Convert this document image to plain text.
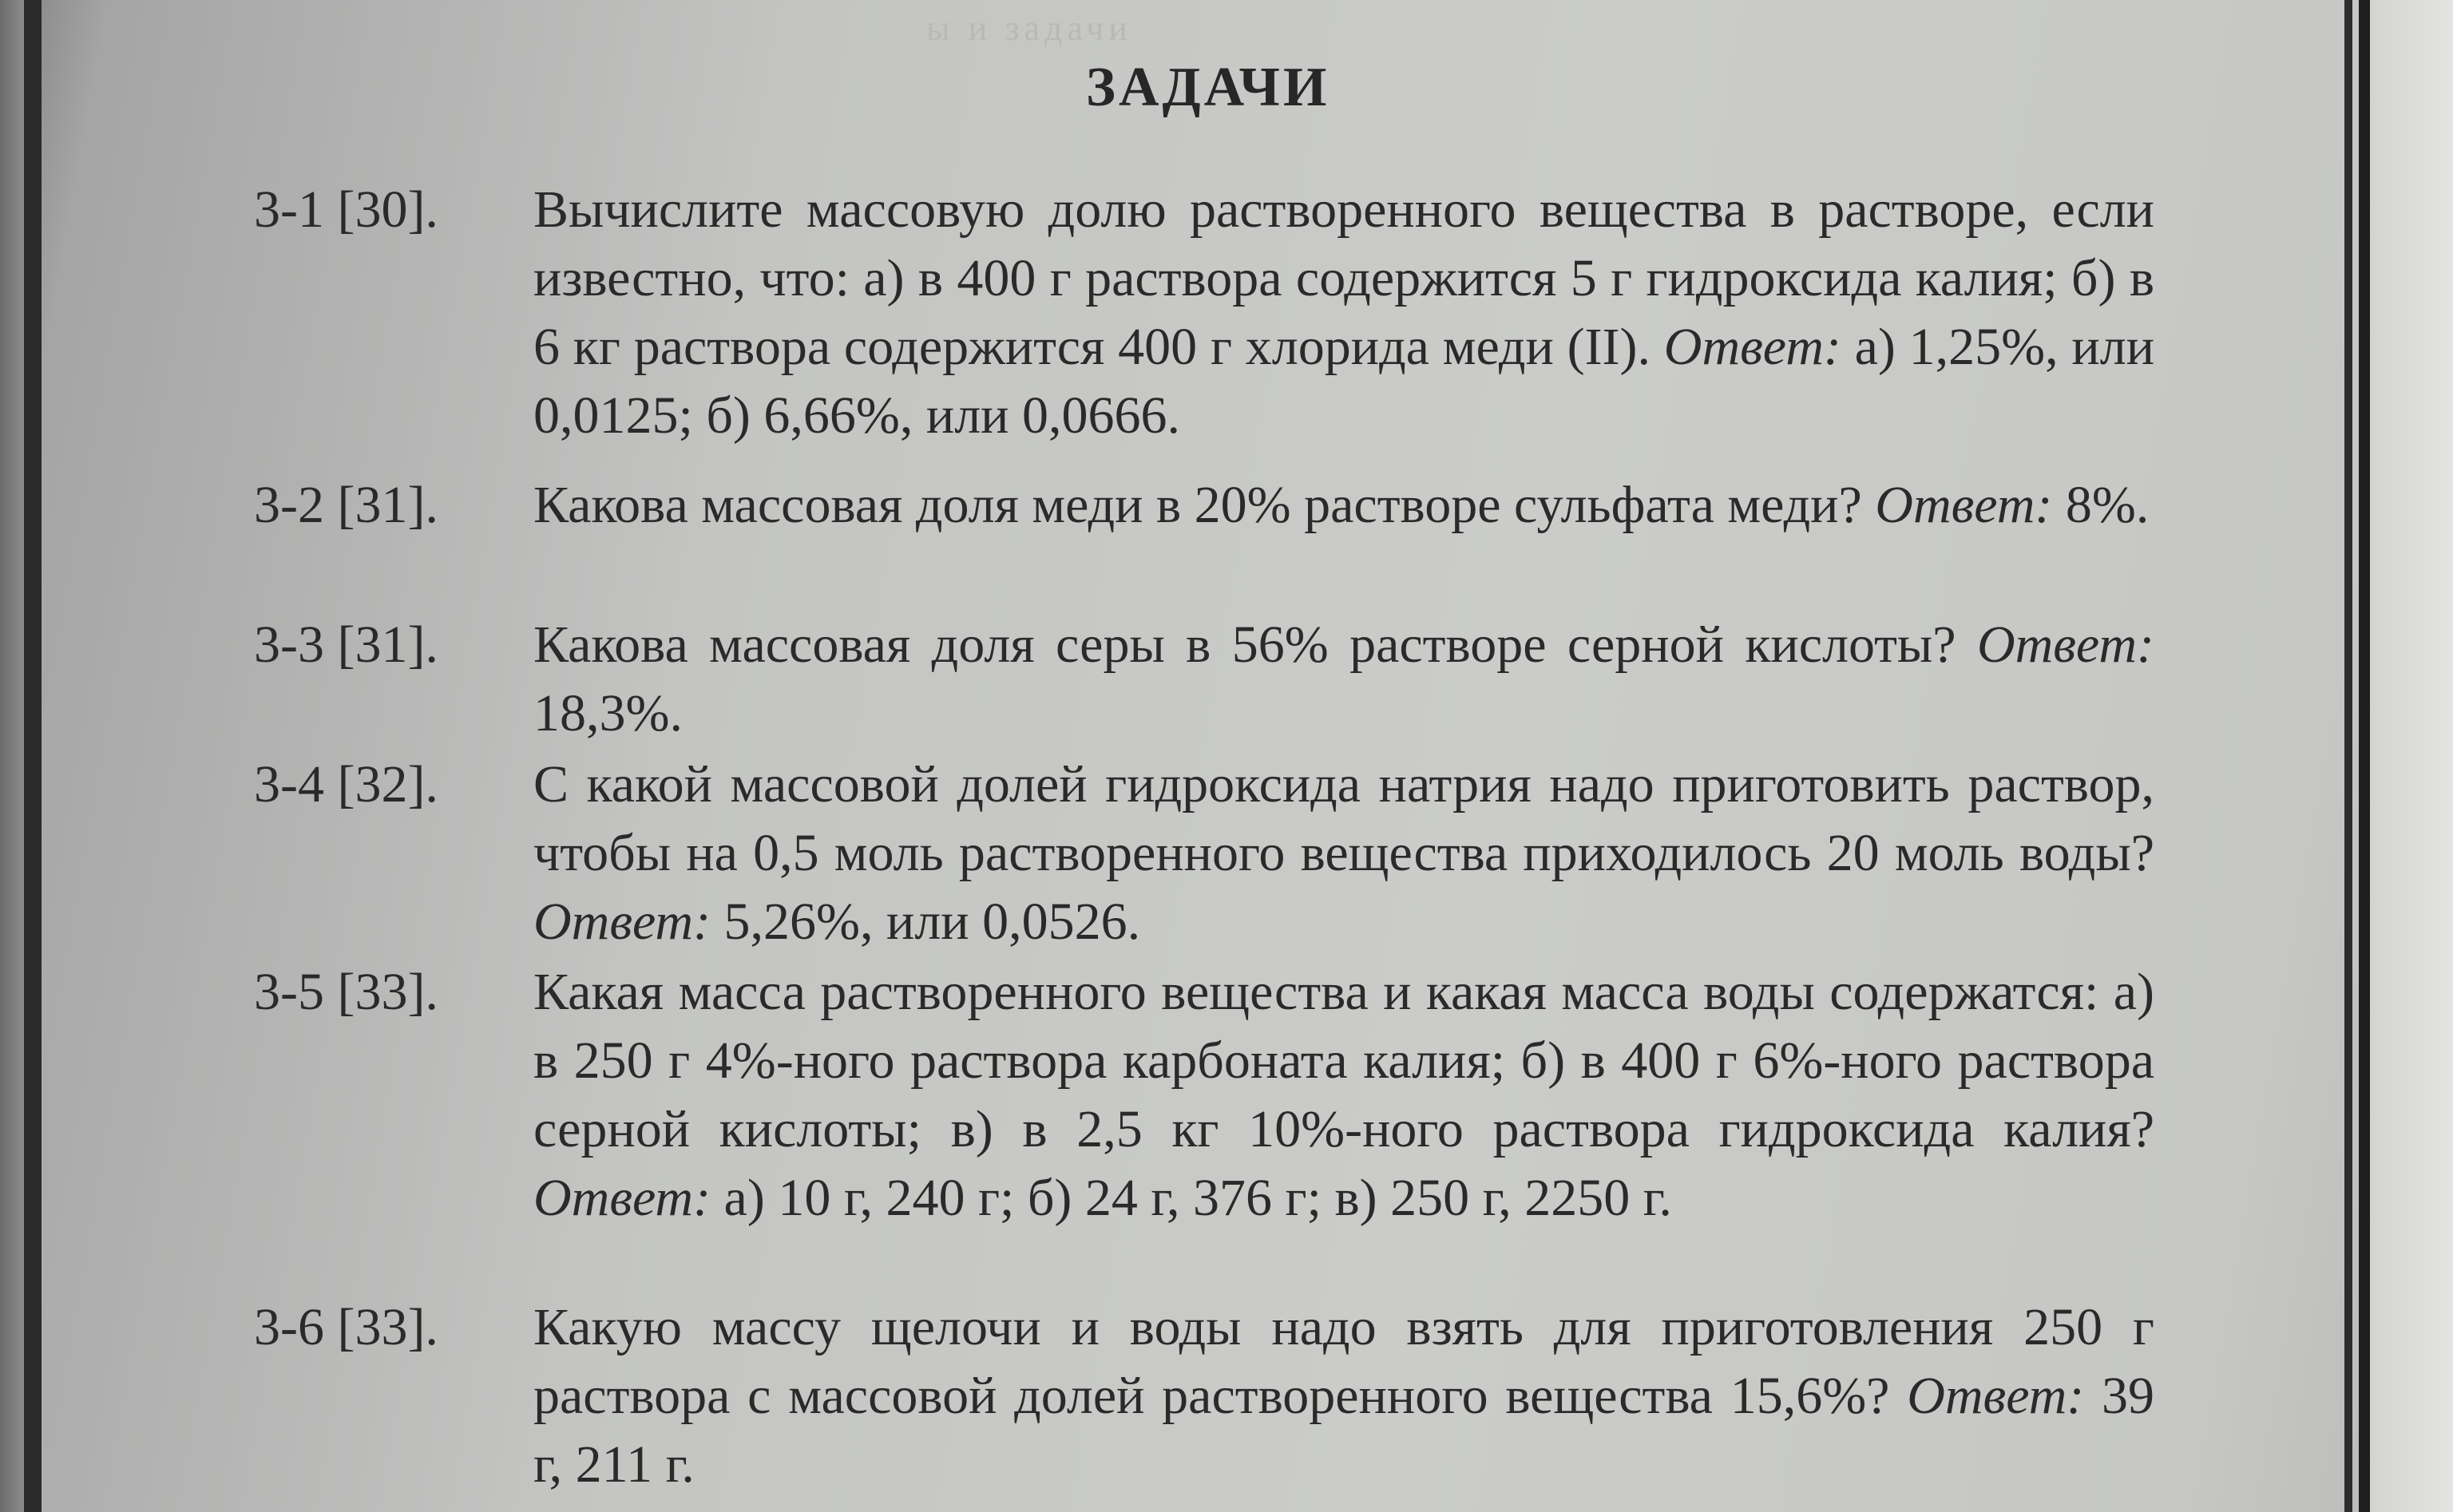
ы и задачи
ЗАДАЧИ
3-1 [30]. Вычислите массовую долю растворенного вещества в растворе, если известно, что: а) в 400 г раствора содержится 5 г гидроксида калия; б) в 6 кг раствора содержится 400 г хлорида меди (II). Ответ: а) 1,25%, или 0,0125; б) 6,66%, или 0,0666.
3-2 [31]. Какова массовая доля меди в 20% растворе сульфата меди? Ответ: 8%.
3-3 [31]. Какова массовая доля серы в 56% растворе серной кислоты? Ответ: 18,3%.
3-4 [32]. С какой массовой долей гидроксида натрия надо приготовить раствор, чтобы на 0,5 моль растворенного вещества приходилось 20 моль воды? Ответ: 5,26%, или 0,0526.
3-5 [33]. Какая масса растворенного вещества и какая масса воды содержатся: а) в 250 г 4%-ного раствора карбоната калия; б) в 400 г 6%-ного раствора серной кислоты; в) в 2,5 кг 10%-ного раствора гидроксида калия? Ответ: а) 10 г, 240 г; б) 24 г, 376 г; в) 250 г, 2250 г.
3-6 [33]. Какую массу щелочи и воды надо взять для приготовления 250 г раствора с массовой долей растворенного вещества 15,6%? Ответ: 39 г, 211 г.
